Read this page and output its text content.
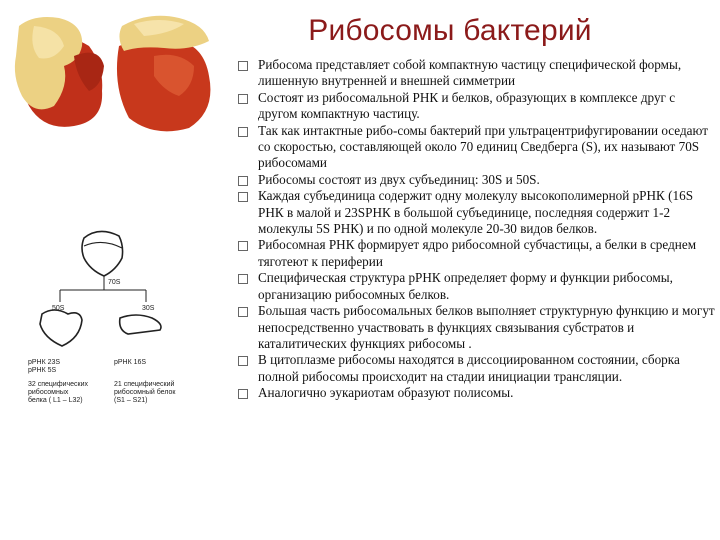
Рибосомы бактерий
70S
50S	30S
рРНК 23S
рРНК 5S
32 специфических
рибосомных
белка ( L1 – L32)
рРНК 16S
21 специфический
рибосомный белок
(S1 – S21)
Рибосома представляет собой компактную частицу специфической формы, лишенную внутренней и внешней симметрии
Состоят из рибосомальной РНК и белков, образующих в комплексе друг с другом компактную частицу.
Так как интактные рибо-сомы бактерий при ультрацентрифугировании оседают со скоростью, составляющей около 70 единиц Сведберга (S), их называют 70S рибосомами
Рибосомы состоят из двух субъединиц: 30S и 50S.
Каждая субъединица содержит одну молекулу высокополимерной рРНК (16S РНК в малой и 23SРНК в большой субъединице, последняя содержит 1-2 молекулы 5S РНК) и по одной молекуле 20-30 видов белков.
Рибосомная РНК формирует ядро рибосомной субчастицы, а белки в среднем тяготеют к периферии
Специфическая структура рРНК определяет форму и функции рибосомы, организацию рибосомных белков.
Большая часть рибосомальных белков выполняет структурную функцию и могут непосредственно участвовать в функциях связывания субстратов и каталитических функциях рибосомы .
В цитоплазме рибосомы находятся в диссоциированном состоянии, сборка полной рибосомы происходит на стадии инициации трансляции.
Аналогично эукариотам образуют полисомы.
